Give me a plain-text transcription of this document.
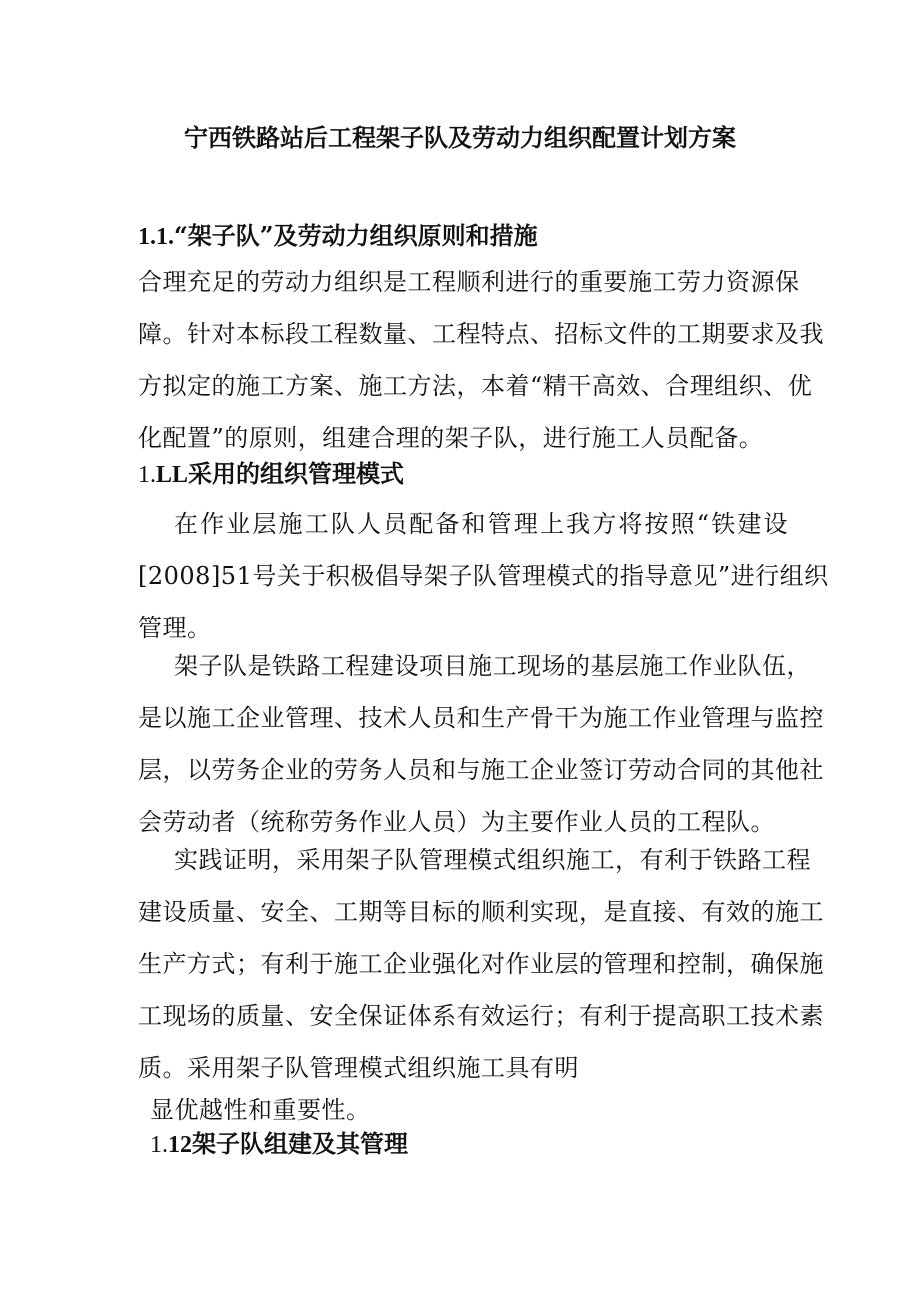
宁西铁路站后工程架子队及劳动力组织配置计划方案
1.1.“架子队”及劳动力组织原则和措施

合理充足的劳动力组织是工程顺利进行的重要施工劳力资源保
障。针对本标段工程数量、工程特点、招标文件的工期要求及我
方拟定的施工方案、施工方法，本着“精干高效、合理组织、优
化配置”的原则，组建合理的架子队，进行施工人员配备。

1.LL采用的组织管理模式

在作业层施工队人员配备和管理上我方将按照“铁建设
[2008]51号关于积极倡导架子队管理模式的指导意见”进行组织
管理。

架子队是铁路工程建设项目施工现场的基层施工作业队伍，
是以施工企业管理、技术人员和生产骨干为施工作业管理与监控
层，以劳务企业的劳务人员和与施工企业签订劳动合同的其他社
会劳动者（统称劳务作业人员）为主要作业人员的工程队。

实践证明，采用架子队管理模式组织施工，有利于铁路工程
建设质量、安全、工期等目标的顺利实现，是直接、有效的施工
生产方式；有利于施工企业强化对作业层的管理和控制，确保施
工现场的质量、安全保证体系有效运行；有利于提高职工技术素
质。采用架子队管理模式组织施工具有明

显优越性和重要性。

1.12架子队组建及其管理
